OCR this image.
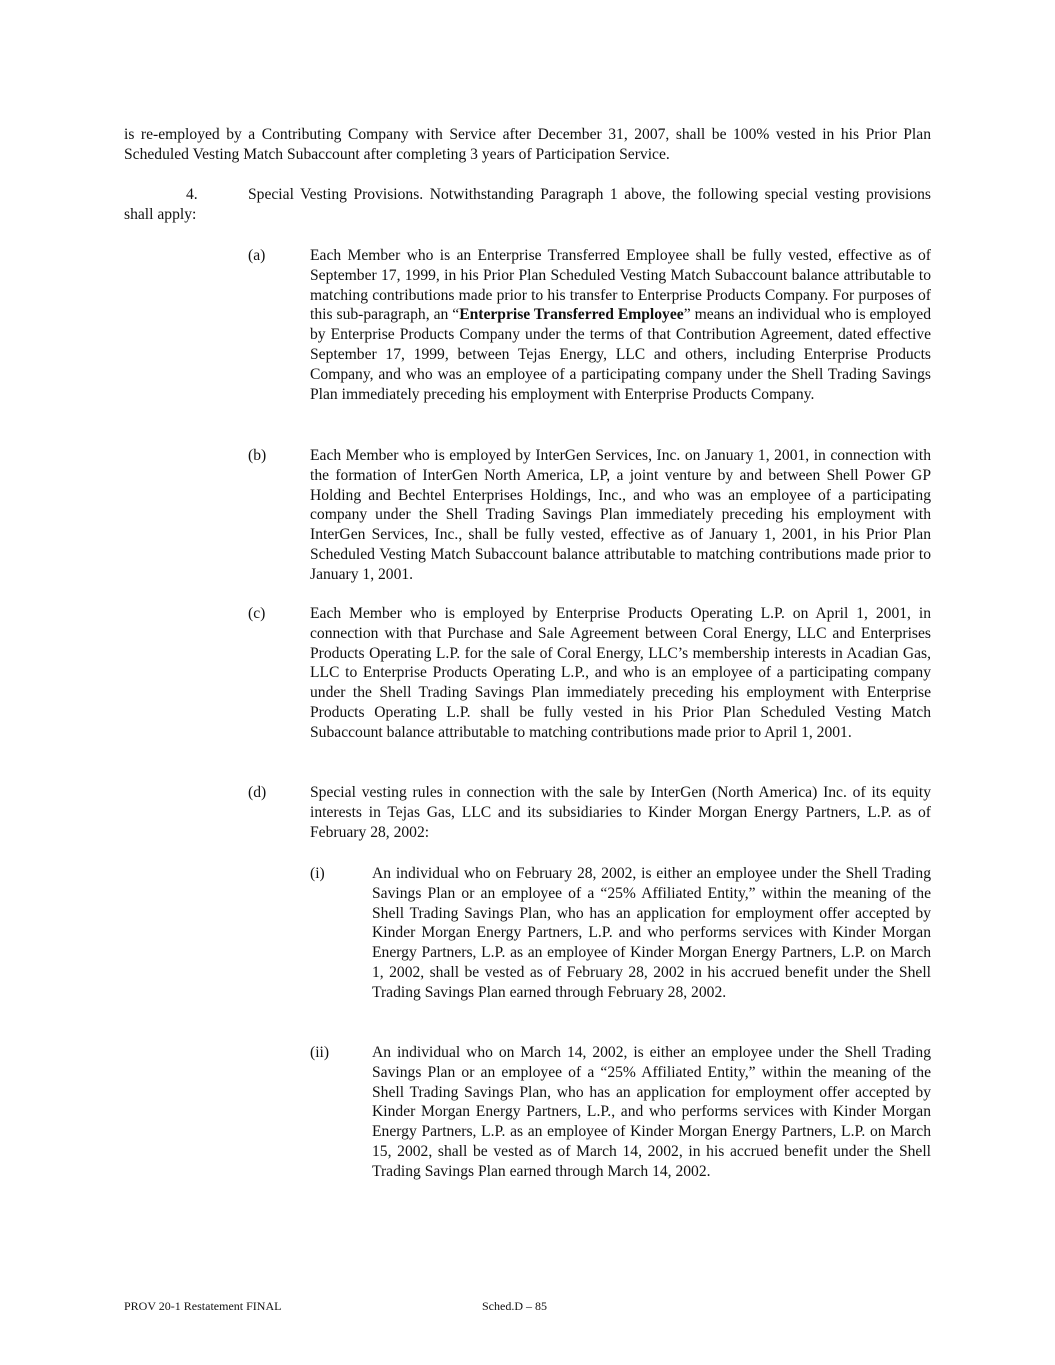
is re-employed by a Contributing Company with Service after December 31, 2007, shall be 100% vested in his Prior Plan Scheduled Vesting Match Subaccount after completing 3 years of Participation Service.

4.	Special Vesting Provisions. Notwithstanding Paragraph 1 above, the following special vesting provisions shall apply:

(a)	Each Member who is an Enterprise Transferred Employee shall be fully vested, effective as of September 17, 1999, in his Prior Plan Scheduled Vesting Match Subaccount balance attributable to matching contributions made prior to his transfer to Enterprise Products Company. For purposes of this sub-paragraph, an “Enterprise Transferred Employee” means an individual who is employed by Enterprise Products Company under the terms of that Contribution Agreement, dated effective September 17, 1999, between Tejas Energy, LLC and others, including Enterprise Products Company, and who was an employee of a participating company under the Shell Trading Savings Plan immediately preceding his employment with Enterprise Products Company.
(b)	Each Member who is employed by InterGen Services, Inc. on January 1, 2001, in connection with the formation of InterGen North America, LP, a joint venture by and between Shell Power GP Holding and Bechtel Enterprises Holdings, Inc., and who was an employee of a participating company under the Shell Trading Savings Plan immediately preceding his employment with InterGen Services, Inc., shall be fully vested, effective as of January 1, 2001, in his Prior Plan Scheduled Vesting Match Subaccount balance attributable to matching contributions made prior to January 1, 2001.
(c)	Each Member who is employed by Enterprise Products Operating L.P. on April 1, 2001, in connection with that Purchase and Sale Agreement between Coral Energy, LLC and Enterprises Products Operating L.P. for the sale of Coral Energy, LLC’s membership interests in Acadian Gas, LLC to Enterprise Products Operating L.P., and who is an employee of a participating company under the Shell Trading Savings Plan immediately preceding his employment with Enterprise Products Operating L.P. shall be fully vested in his Prior Plan Scheduled Vesting Match Subaccount balance attributable to matching contributions made prior to April 1, 2001.
(d)	Special vesting rules in connection with the sale by InterGen (North America) Inc. of its equity interests in Tejas Gas, LLC and its subsidiaries to Kinder Morgan Energy Partners, L.P. as of February 28, 2002:
(i)	An individual who on February 28, 2002, is either an employee under the Shell Trading Savings Plan or an employee of a “25% Affiliated Entity,” within the meaning of the Shell Trading Savings Plan, who has an application for employment offer accepted by Kinder Morgan Energy Partners, L.P. and who performs services with Kinder Morgan Energy Partners, L.P. as an employee of Kinder Morgan Energy Partners, L.P. on March 1, 2002, shall be vested as of February 28, 2002 in his accrued benefit under the Shell Trading Savings Plan earned through February 28, 2002.
(ii)	An individual who on March 14, 2002, is either an employee under the Shell Trading Savings Plan or an employee of a “25% Affiliated Entity,” within the meaning of the Shell Trading Savings Plan, who has an application for employment offer accepted by Kinder Morgan Energy Partners, L.P., and who performs services with Kinder Morgan Energy Partners, L.P. as an employee of Kinder Morgan Energy Partners, L.P. on March 15, 2002, shall be vested as of March 14, 2002, in his accrued benefit under the Shell Trading Savings Plan earned through March 14, 2002.
PROV 20-1 Restatement FINAL	Sched.D – 85
